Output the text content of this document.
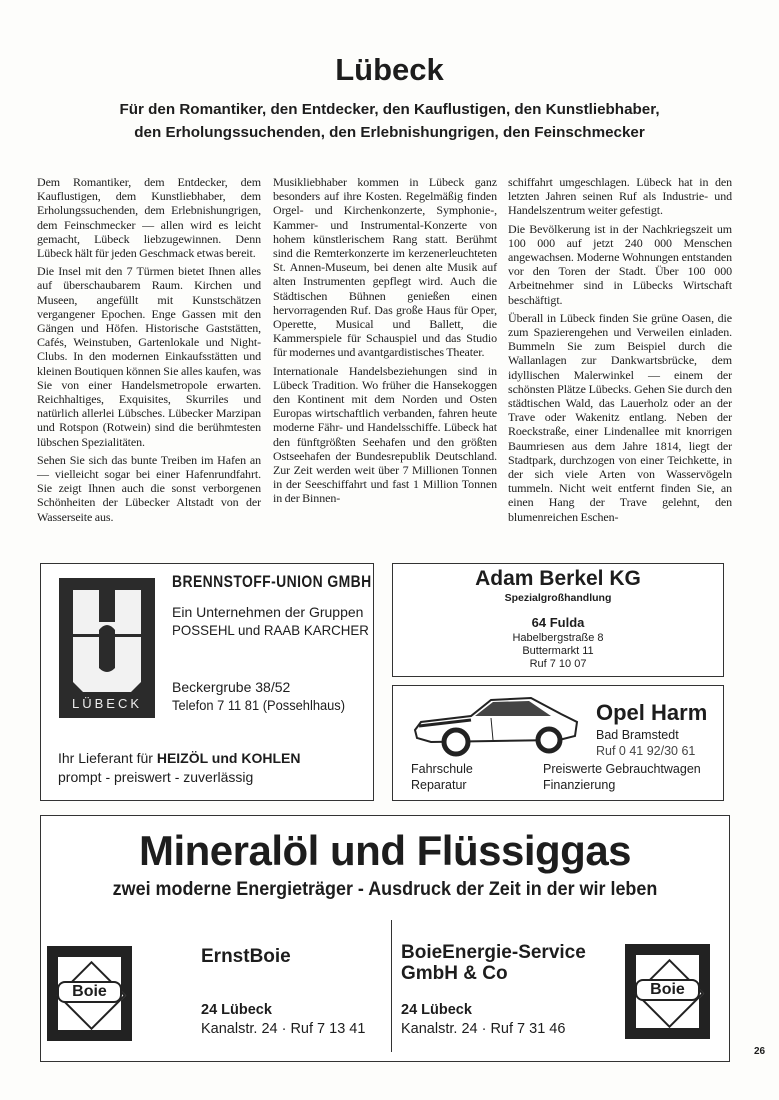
Lübeck
Für den Romantiker, den Entdecker, den Kauflustigen, den Kunstliebhaber,
den Erholungssuchenden, den Erlebnishungrigen, den Feinschmecker

Dem Romantiker, dem Entdecker, dem Kauflustigen, dem Kunstliebhaber, dem Erholungssuchenden, dem Erlebnishungrigen, dem Feinschmecker — allen wird es leicht gemacht, Lübeck liebzugewinnen. Denn Lübeck hält für jeden Geschmack etwas bereit.

Die Insel mit den 7 Türmen bietet Ihnen alles auf überschaubarem Raum. Kirchen und Museen, angefüllt mit Kunstschätzen vergangener Epochen. Enge Gassen mit den Gängen und Höfen. Historische Gaststätten, Cafés, Weinstuben, Gartenlokale und Night-Clubs. In den modernen Einkaufsstätten und kleinen Boutiquen können Sie alles kaufen, was Sie von einer Handelsmetropole erwarten. Reichhaltiges, Exquisites, Skurriles und natürlich allerlei Lübsches. Lübecker Marzipan und Rotspon (Rotwein) sind die berühmtesten lübschen Spezialitäten.

Sehen Sie sich das bunte Treiben im Hafen an — vielleicht sogar bei einer Hafenrundfahrt. Sie zeigt Ihnen auch die sonst verborgenen Schönheiten der Lübecker Altstadt von der Wasserseite aus.

Musikliebhaber kommen in Lübeck ganz besonders auf ihre Kosten. Regelmäßig finden Orgel- und Kirchenkonzerte, Symphonie-, Kammer- und Instrumental-Konzerte von hohem künstlerischem Rang statt. Berühmt sind die Remterkonzerte im kerzenerleuchteten St. Annen-Museum, bei denen alte Musik auf alten Instrumenten gepflegt wird. Auch die Städtischen Bühnen genießen einen hervorragenden Ruf. Das große Haus für Oper, Operette, Musical und Ballett, die Kammerspiele für Schauspiel und das Studio für modernes und avantgardistisches Theater.

Internationale Handelsbeziehungen sind in Lübeck Tradition. Wo früher die Hansekoggen den Kontinent mit dem Norden und Osten Europas wirtschaftlich verbanden, fahren heute moderne Fähr- und Handelsschiffe. Lübeck hat den fünftgrößten Seehafen und den größten Ostseehafen der Bundesrepublik Deutschland. Zur Zeit werden weit über 7 Millionen Tonnen in der Seeschiffahrt und fast 1 Million Tonnen in der Binnen-

schiffahrt umgeschlagen. Lübeck hat in den letzten Jahren seinen Ruf als Industrie- und Handelszentrum weiter gefestigt.

Die Bevölkerung ist in der Nachkriegszeit um 100 000 auf jetzt 240 000 Menschen angewachsen. Moderne Wohnungen entstanden vor den Toren der Stadt. Über 100 000 Arbeitnehmer sind in Lübecks Wirtschaft beschäftigt.

Überall in Lübeck finden Sie grüne Oasen, die zum Spazierengehen und Verweilen einladen. Bummeln Sie zum Beispiel durch die Wallanlagen zur Dankwartsbrücke, dem idyllischen Malerwinkel — einem der schönsten Plätze Lübecks. Gehen Sie durch den städtischen Wald, das Lauerholz oder an der Trave oder Wakenitz entlang. Neben der Roeckstraße, einer Lindenallee mit knorrigen Baumriesen aus dem Jahre 1814, liegt der Stadtpark, durchzogen von einer Teichkette, in der sich viele Arten von Wasservögeln tummeln. Nicht weit entfernt finden Sie, an einen Hang der Trave gelehnt, den blumenreichen Eschen-

LÜBECK
BRENNSTOFF-UNION GMBH
Ein Unternehmen der Gruppen
POSSEHL und RAAB KARCHER
Beckergrube 38/52
Telefon 7 11 81 (Possehlhaus)
Ihr Lieferant für HEIZÖL und KOHLEN
prompt - preiswert - zuverlässig
Adam Berkel KG
Spezialgroßhandlung
64 Fulda
Habelbergstraße 8
Buttermarkt 11
Ruf 7 10 07
Opel Harm
Bad Bramstedt
Ruf 0 41 92/30 61
Fahrschule
Reparatur
Preiswerte Gebrauchtwagen
Finanzierung
Mineralöl und Flüssiggas
zwei moderne Energieträger - Ausdruck der Zeit in der wir leben
Boie
ErnstBoie
24 Lübeck
Kanalstr. 24 · Ruf 7 13 41
BoieEnergie-Service
GmbH & Co
24 Lübeck
Kanalstr. 24 · Ruf 7 31 46
Boie
26
